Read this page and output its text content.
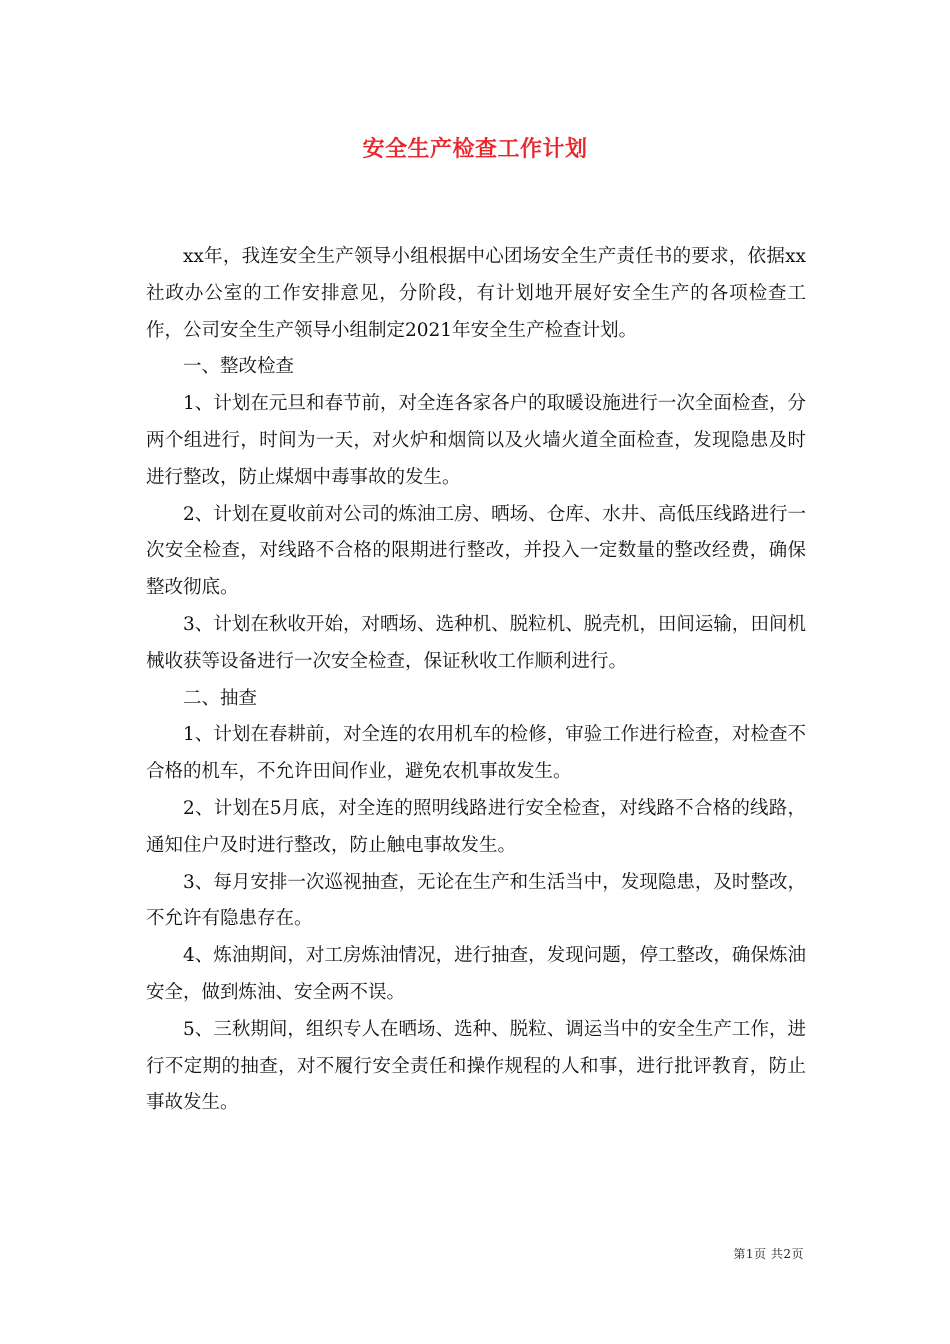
安全生产检查工作计划

xx年，我连安全生产领导小组根据中心团场安全生产责任书的要求，依据xx社政办公室的工作安排意见，分阶段，有计划地开展好安全生产的各项检查工作，公司安全生产领导小组制定2021年安全生产检查计划。

一、整改检查

1、计划在元旦和春节前，对全连各家各户的取暖设施进行一次全面检查，分两个组进行，时间为一天，对火炉和烟筒以及火墙火道全面检查，发现隐患及时进行整改，防止煤烟中毒事故的发生。

2、计划在夏收前对公司的炼油工房、晒场、仓库、水井、高低压线路进行一次安全检查，对线路不合格的限期进行整改，并投入一定数量的整改经费，确保整改彻底。

3、计划在秋收开始，对晒场、选种机、脱粒机、脱壳机，田间运输，田间机械收获等设备进行一次安全检查，保证秋收工作顺利进行。

二、抽查

1、计划在春耕前，对全连的农用机车的检修，审验工作进行检查，对检查不合格的机车，不允许田间作业，避免农机事故发生。

2、计划在5月底，对全连的照明线路进行安全检查，对线路不合格的线路，通知住户及时进行整改，防止触电事故发生。

3、每月安排一次巡视抽查，无论在生产和生活当中，发现隐患，及时整改，不允许有隐患存在。

4、炼油期间，对工房炼油情况，进行抽查，发现问题，停工整改，确保炼油安全，做到炼油、安全两不误。

5、三秋期间，组织专人在晒场、选种、脱粒、调运当中的安全生产工作，进行不定期的抽查，对不履行安全责任和操作规程的人和事，进行批评教育，防止事故发生。

第1页 共2页
